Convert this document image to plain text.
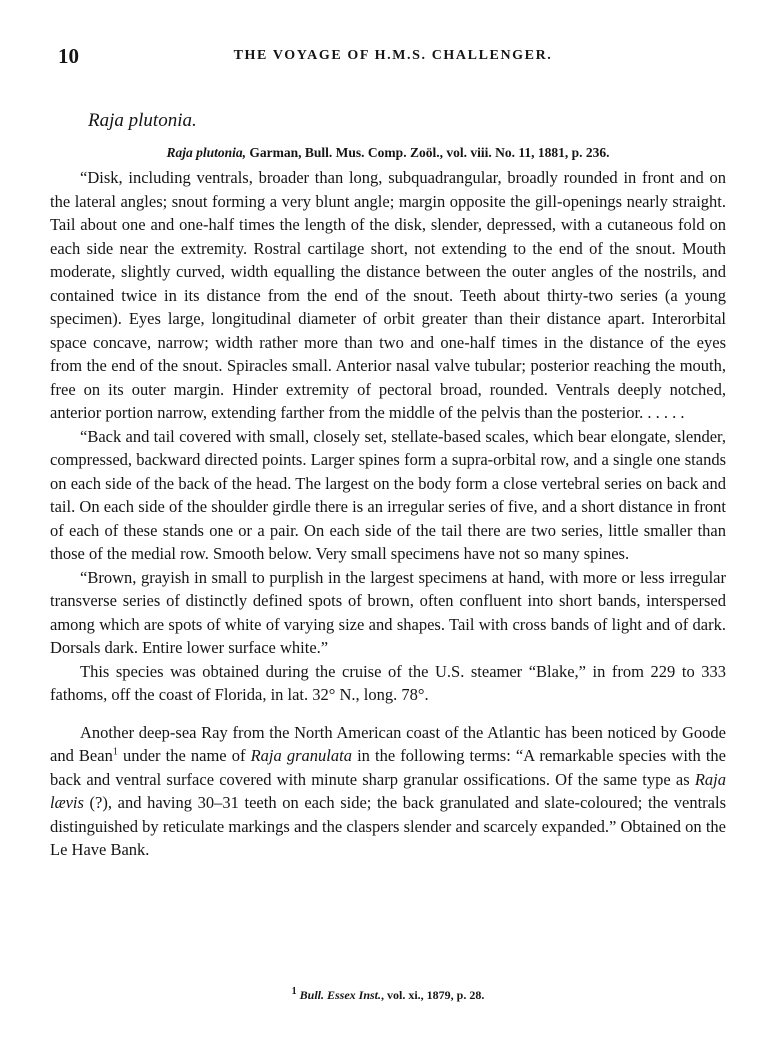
10	THE VOYAGE OF H.M.S. CHALLENGER.
Raja plutonia.
Raja plutonia, Garman, Bull. Mus. Comp. Zoöl., vol. viii. No. 11, 1881, p. 236.

“Disk, including ventrals, broader than long, subquadrangular, broadly rounded in front and on the lateral angles; snout forming a very blunt angle; margin opposite the gill-openings nearly straight. Tail about one and one-half times the length of the disk, slender, depressed, with a cutaneous fold on each side near the extremity. Rostral cartilage short, not extending to the end of the snout. Mouth moderate, slightly curved, width equalling the distance between the outer angles of the nostrils, and contained twice in its distance from the end of the snout. Teeth about thirty-two series (a young specimen). Eyes large, longitudinal diameter of orbit greater than their distance apart. Interorbital space concave, narrow; width rather more than two and one-half times in the distance of the eyes from the end of the snout. Spiracles small. Anterior nasal valve tubular; posterior reaching the mouth, free on its outer margin. Hinder extremity of pectoral broad, rounded. Ventrals deeply notched, anterior portion narrow, extending farther from the middle of the pelvis than the posterior. . . . . .

“Back and tail covered with small, closely set, stellate-based scales, which bear elongate, slender, compressed, backward directed points. Larger spines form a supra-orbital row, and a single one stands on each side of the back of the head. The largest on the body form a close vertebral series on back and tail. On each side of the shoulder girdle there is an irregular series of five, and a short distance in front of each of these stands one or a pair. On each side of the tail there are two series, little smaller than those of the medial row. Smooth below. Very small specimens have not so many spines.

“Brown, grayish in small to purplish in the largest specimens at hand, with more or less irregular transverse series of distinctly defined spots of brown, often confluent into short bands, interspersed among which are spots of white of varying size and shapes. Tail with cross bands of light and of dark. Dorsals dark. Entire lower surface white.”

This species was obtained during the cruise of the U.S. steamer “Blake,” in from 229 to 333 fathoms, off the coast of Florida, in lat. 32° N., long. 78°.

Another deep-sea Ray from the North American coast of the Atlantic has been noticed by Goode and Bean$^1$ under the name of Raja granulata in the following terms: “A remarkable species with the back and ventral surface covered with minute sharp granular ossifications. Of the same type as Raja lævis (?), and having 30–31 teeth on each side; the back granulated and slate-coloured; the ventrals distinguished by reticulate markings and the claspers slender and scarcely expanded.” Obtained on the Le Have Bank.

$^1$ Bull. Essex Inst., vol. xi., 1879, p. 28.
